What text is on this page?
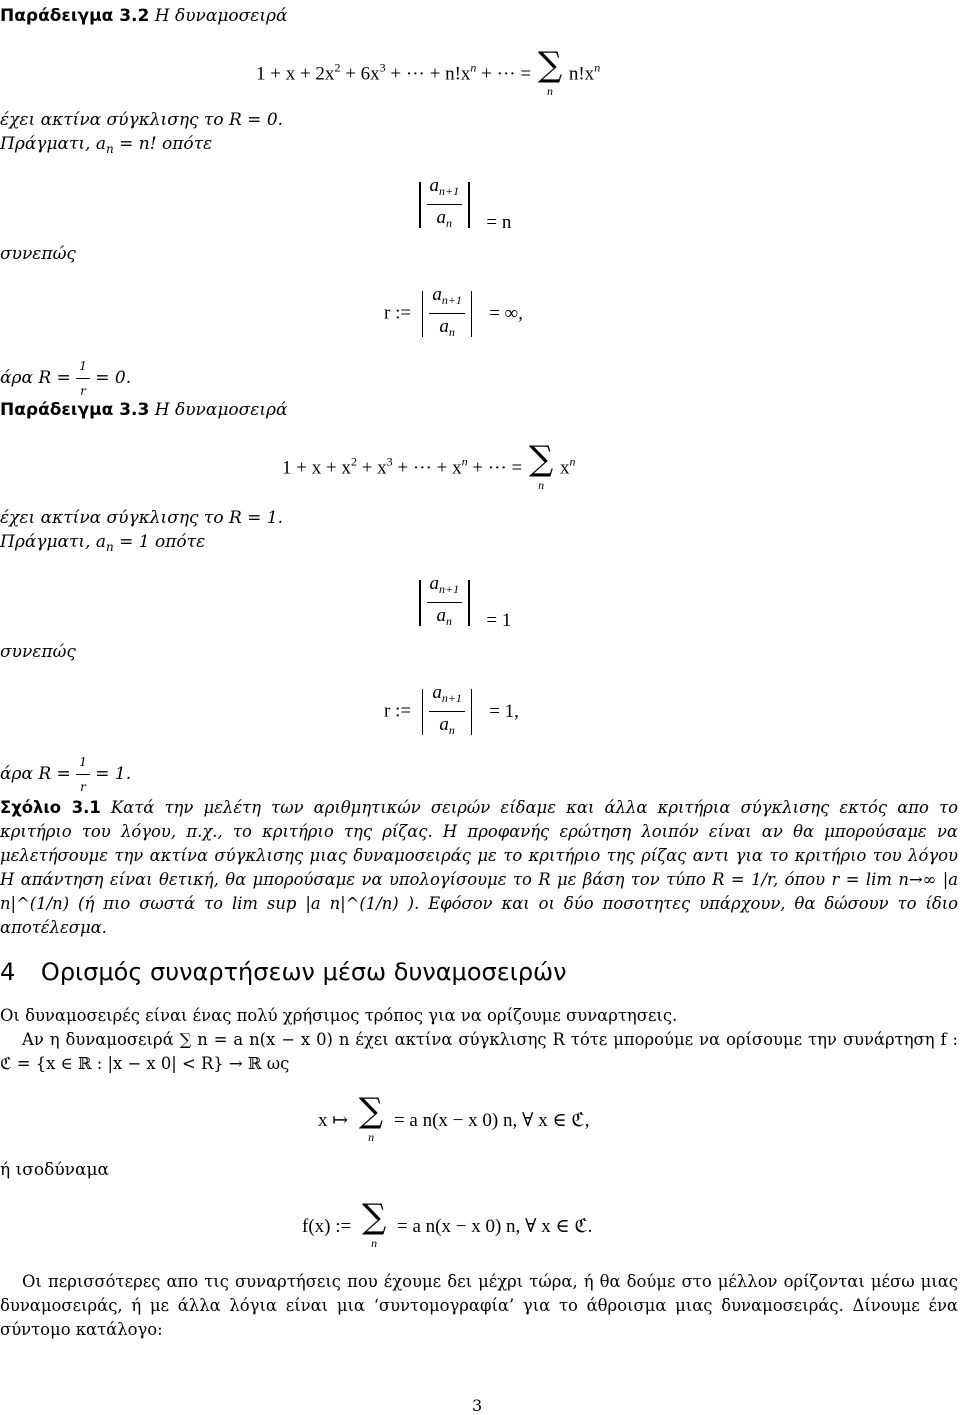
Παράδειγμα 3.2 Η δυναμοσειρά
$1 + x + 2x^2 + 6x^3$ + ··· + $n!x^n$ + ··· = ∑
n
$n!x^n$
έχει ακτίνα σύγκλισης το R = 0.
Πράγματι, $a_n = n$! οπότε
$\frac{a_{n+1}}{a_n} = n$
συνεπώς
r := $\frac{a_{n+1}}{a_n}$ = ∞,
άρα $R = \frac{1}{r} = 0$.
Παράδειγμα 3.3 Η δυναμοσειρά
$1 + x + x^2 + x^3$ + ··· + $x^n$ + ··· = ∑
n
$x^n$
έχει ακτίνα σύγκλισης το R = 1.
Πράγματι, $a_n = 1$ οπότε
$\frac{a_{n+1}}{a_n} = 1$
συνεπώς
r := $\frac{a_{n+1}}{a_n} = 1$,
άρα $R = \frac{1}{r} = 1$.
Σχόλιο 3.1 Κατά την μελέτη των αριθμητικών σειρών είδαμε και άλλα κριτήρια σύγκλισης εκτός απο το κριτήριο του λόγου, π.χ., το κριτήριο της ρίζας. Η προφανής ερώτηση λοιπόν είναι αν θα μπορούσαμε να μελετήσουμε την ακτίνα σύγκλισης μιας δυναμοσειράς με το κριτήριο της ρίζας αντι για το κριτήριο του λόγου Η απάντηση είναι θετική, θα μπορούσαμε να υπολογίσουμε το R με βάση τον τύπο R = 1/r, όπου r = lim n→∞ |a n|^(1/n) (ή πιο σωστά το lim sup |a n|^(1/n) ). Εφόσον και οι δύο ποσοτητες υπάρχουν, θα δώσουν το ίδιο αποτέλεσμα.
4 Ορισμός συναρτήσεων μέσω δυναμοσειρών
Οι δυναμοσειρές είναι ένας πολύ χρήσιμος τρόπος για να ορίζουμε συναρτησεις.
Αν η δυναμοσειρά ∑ n = a n(x − x 0) n έχει ακτίνα σύγκλισης R τότε μπορούμε να ορίσουμε την συνάρτηση f : ℭ = {x ∈ ℝ : |x − x 0| < R} → ℝ ως
x ↦ ∑
n
= a n(x − x 0) n, ∀ x ∈ ℭ,
ή ισοδύναμα
f(x) := ∑
n
= a n(x − x 0) n, ∀ x ∈ ℭ.
Οι περισσότερες απο τις συναρτήσεις που έχουμε δει μέχρι τώρα, ή θα δούμε στο μέλλον ορίζονται μέσω μιας δυναμοσειράς, ή με άλλα λόγια είναι μια ‘συντομογραφία’ για το άθροισμα μιας δυναμοσειράς. Δίνουμε ένα σύντομο κατάλογο:
3
